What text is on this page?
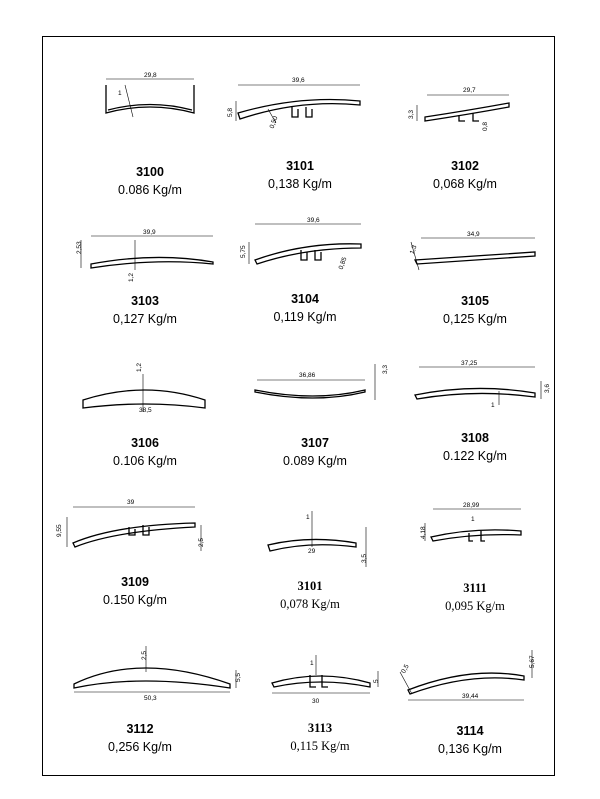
29,8
1
3100
0.086 Kg/m
39,6
5,8
0,50
3101
0,138 Kg/m
29,7
3,3
0,8
3102
0,068 Kg/m
39,9
2,53
1,2
3103
0,127 Kg/m
39,6
5,75
0,85
3104
0,119 Kg/m
34,9
1,3
3105
0,125 Kg/m
1,2
38,5
3106
0.106 Kg/m
36,86
3,3
3107
0.089 Kg/m
37,25
3,6
1
3108
0.122 Kg/m
39
9,55
2,5
3109
0.150 Kg/m
1
29
3,5
3101
0,078 Kg/m
28,99
4,18
1
3111
0,095 Kg/m
2,5
50,3
5,5
3112
0,256 Kg/m
1
30
5
3113
0,115 Kg/m
0,5
39,44
5,67
3114
0,136 Kg/m
